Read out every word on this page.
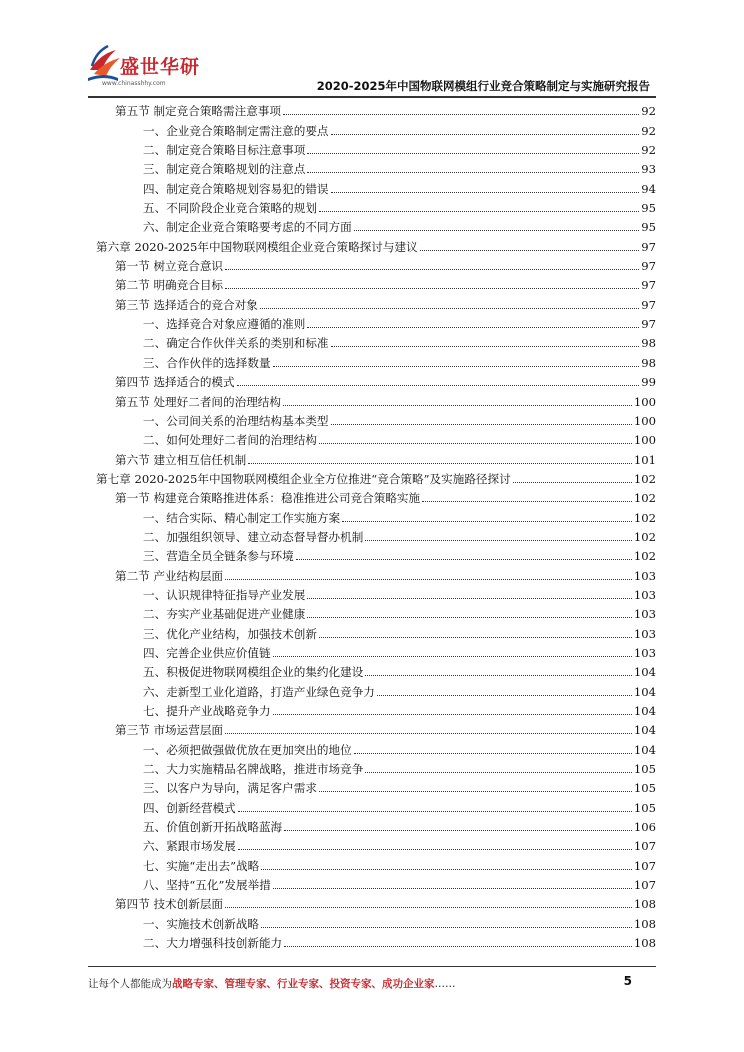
盛世华研
www.chinasshhy.com	2020-2025年中国物联网模组行业竞合策略制定与实施研究报告
第五节 制定竞合策略需注意事项	92
一、企业竞合策略制定需注意的要点	92
二、制定竞合策略目标注意事项	92
三、制定竞合策略规划的注意点	93
四、制定竞合策略规划容易犯的错误	94
五、不同阶段企业竞合策略的规划	95
六、制定企业竞合策略要考虑的不同方面	95
第六章 2020-2025年中国物联网模组企业竞合策略探讨与建议	97
第一节 树立竞合意识	97
第二节 明确竞合目标	97
第三节 选择适合的竞合对象	97
一、选择竞合对象应遵循的准则	97
二、确定合作伙伴关系的类别和标准	98
三、合作伙伴的选择数量	98
第四节 选择适合的模式	99
第五节 处理好二者间的治理结构	100
一、公司间关系的治理结构基本类型	100
二、如何处理好二者间的治理结构	100
第六节 建立相互信任机制	101
第七章 2020-2025年中国物联网模组企业全方位推进“竞合策略”及实施路径探讨	102
第一节 构建竞合策略推进体系：稳准推进公司竞合策略实施	102
一、结合实际、精心制定工作实施方案	102
二、加强组织领导、建立动态督导督办机制	102
三、营造全员全链条参与环境	102
第二节 产业结构层面	103
一、认识规律特征指导产业发展	103
二、夯实产业基础促进产业健康	103
三、优化产业结构，加强技术创新	103
四、完善企业供应价值链	103
五、积极促进物联网模组企业的集约化建设	104
六、走新型工业化道路，打造产业绿色竞争力	104
七、提升产业战略竞争力	104
第三节 市场运营层面	104
一、必须把做强做优放在更加突出的地位	104
二、大力实施精品名牌战略，推进市场竞争	105
三、以客户为导向，满足客户需求	105
四、创新经营模式	105
五、价值创新开拓战略蓝海	106
六、紧跟市场发展	107
七、实施“走出去”战略	107
八、坚持“五化”发展举措	107
第四节 技术创新层面	108
一、实施技术创新战略	108
二、大力增强科技创新能力	108
让每个人都能成为战略专家、管理专家、行业专家、投资专家、成功企业家……	5
